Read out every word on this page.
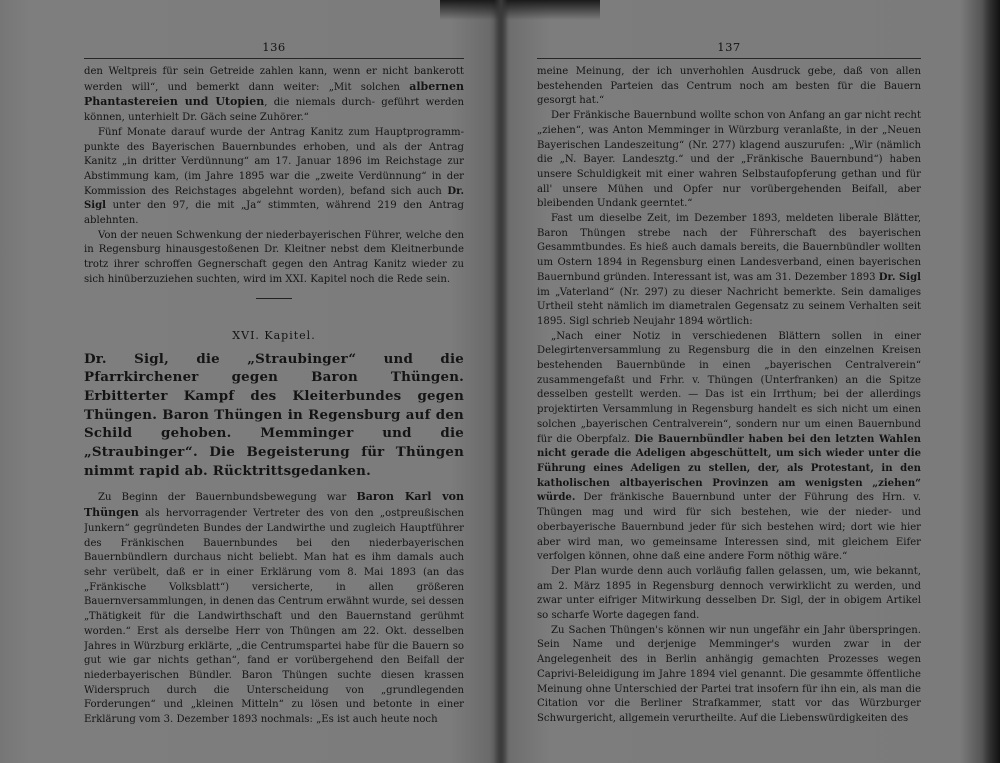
136

den Weltpreis für sein Getreide zahlen kann, wenn er nicht bankerott werden will“, und bemerkt dann weiter: „Mit solchen albernen Phantastereien und Utopien, die niemals durch- geführt werden können, unterhielt Dr. Gäch seine Zuhörer.“

Fünf Monate darauf wurde der Antrag Kanitz zum Hauptprogramm-punkte des Bayerischen Bauernbundes erhoben, und als der Antrag Kanitz „in dritter Verdünnung“ am 17. Januar 1896 im Reichstage zur Abstimmung kam, (im Jahre 1895 war die „zweite Verdünnung“ in der Kommission des Reichstages abgelehnt worden), befand sich auch Dr. Sigl unter den 97, die mit „Ja“ stimmten, während 219 den Antrag ablehnten.

Von der neuen Schwenkung der niederbayerischen Führer, welche den in Regensburg hinausgestoßenen Dr. Kleitner nebst dem Kleitnerbunde trotz ihrer schroffen Gegnerschaft gegen den Antrag Kanitz wieder zu sich hinüberzuziehen suchten, wird im XXI. Kapitel noch die Rede sein.

XVI. Kapitel.
Dr. Sigl, die „Straubinger“ und die Pfarrkirchener gegen Baron Thüngen. Erbitterter Kampf des Kleiterbundes gegen Thüngen. Baron Thüngen in Regensburg auf den Schild gehoben. Memminger und die „Straubinger“. Die Begeisterung für Thüngen nimmt rapid ab. Rücktrittsgedanken.

Zu Beginn der Bauernbundsbewegung war Baron Karl von Thüngen als hervorragender Vertreter des von den „ostpreußischen Junkern“ gegründeten Bundes der Landwirthe und zugleich Hauptführer des Fränkischen Bauernbundes bei den niederbayerischen Bauernbündlern durchaus nicht beliebt. Man hat es ihm damals auch sehr verübelt, daß er in einer Erklärung vom 8. Mai 1893 (an das „Fränkische Volksblatt“) versicherte, in allen größeren Bauernversammlungen, in denen das Centrum erwähnt wurde, sei dessen „Thätigkeit für die Landwirthschaft und den Bauernstand gerühmt worden.“ Erst als derselbe Herr von Thüngen am 22. Okt. desselben Jahres in Würzburg erklärte, „die Centrumspartei habe für die Bauern so gut wie gar nichts gethan“, fand er vorübergehend den Beifall der niederbayerischen Bündler. Baron Thüngen suchte diesen krassen Widerspruch durch die Unterscheidung von „grundlegenden Forderungen“ und „kleinen Mitteln“ zu lösen und betonte in einer Erklärung vom 3. Dezember 1893 nochmals: „Es ist auch heute noch

137

meine Meinung, der ich unverhohlen Ausdruck gebe, daß von allen bestehenden Parteien das Centrum noch am besten für die Bauern gesorgt hat.“

Der Fränkische Bauernbund wollte schon von Anfang an gar nicht recht „ziehen“, was Anton Memminger in Würzburg veranlaßte, in der „Neuen Bayerischen Landeszeitung“ (Nr. 277) klagend auszurufen: „Wir (nämlich die „N. Bayer. Landesztg.“ und der „Fränkische Bauernbund“) haben unsere Schuldigkeit mit einer wahren Selbstaufopferung gethan und für all' unsere Mühen und Opfer nur vorübergehenden Beifall, aber bleibenden Undank geerntet.“

Fast um dieselbe Zeit, im Dezember 1893, meldeten liberale Blätter, Baron Thüngen strebe nach der Führerschaft des bayerischen Gesammtbundes. Es hieß auch damals bereits, die Bauernbündler wollten um Ostern 1894 in Regensburg einen Landesverband, einen bayerischen Bauernbund gründen. Interessant ist, was am 31. Dezember 1893 Dr. Sigl im „Vaterland“ (Nr. 297) zu dieser Nachricht bemerkte. Sein damaliges Urtheil steht nämlich im diametralen Gegensatz zu seinem Verhalten seit 1895. Sigl schrieb Neujahr 1894 wörtlich:

„Nach einer Notiz in verschiedenen Blättern sollen in einer Delegirtenversammlung zu Regensburg die in den einzelnen Kreisen bestehenden Bauernbünde in einen „bayerischen Centralverein“ zusammengefaßt und Frhr. v. Thüngen (Unterfranken) an die Spitze desselben gestellt werden. — Das ist ein Irrthum; bei der allerdings projektirten Versammlung in Regensburg handelt es sich nicht um einen solchen „bayerischen Centralverein“, sondern nur um einen Bauernbund für die Oberpfalz. Die Bauernbündler haben bei den letzten Wahlen nicht gerade die Adeligen abgeschüttelt, um sich wieder unter die Führung eines Adeligen zu stellen, der, als Protestant, in den katholischen altbayerischen Provinzen am wenigsten „ziehen“ würde. Der fränkische Bauernbund unter der Führung des Hrn. v. Thüngen mag und wird für sich bestehen, wie der nieder- und oberbayerische Bauernbund jeder für sich bestehen wird; dort wie hier aber wird man, wo gemeinsame Interessen sind, mit gleichem Eifer verfolgen können, ohne daß eine andere Form nöthig wäre.“

Der Plan wurde denn auch vorläufig fallen gelassen, um, wie bekannt, am 2. März 1895 in Regensburg dennoch verwirklicht zu werden, und zwar unter eifriger Mitwirkung desselben Dr. Sigl, der in obigem Artikel so scharfe Worte dagegen fand.

Zu Sachen Thüngen's können wir nun ungefähr ein Jahr überspringen. Sein Name und derjenige Memminger's wurden zwar in der Angelegenheit des in Berlin anhängig gemachten Prozesses wegen Caprivi-Beleidigung im Jahre 1894 viel genannt. Die gesammte öffentliche Meinung ohne Unterschied der Partei trat insofern für ihn ein, als man die Citation vor die Berliner Strafkammer, statt vor das Würzburger Schwurgericht, allgemein verurtheilte. Auf die Liebenswürdigkeiten des
